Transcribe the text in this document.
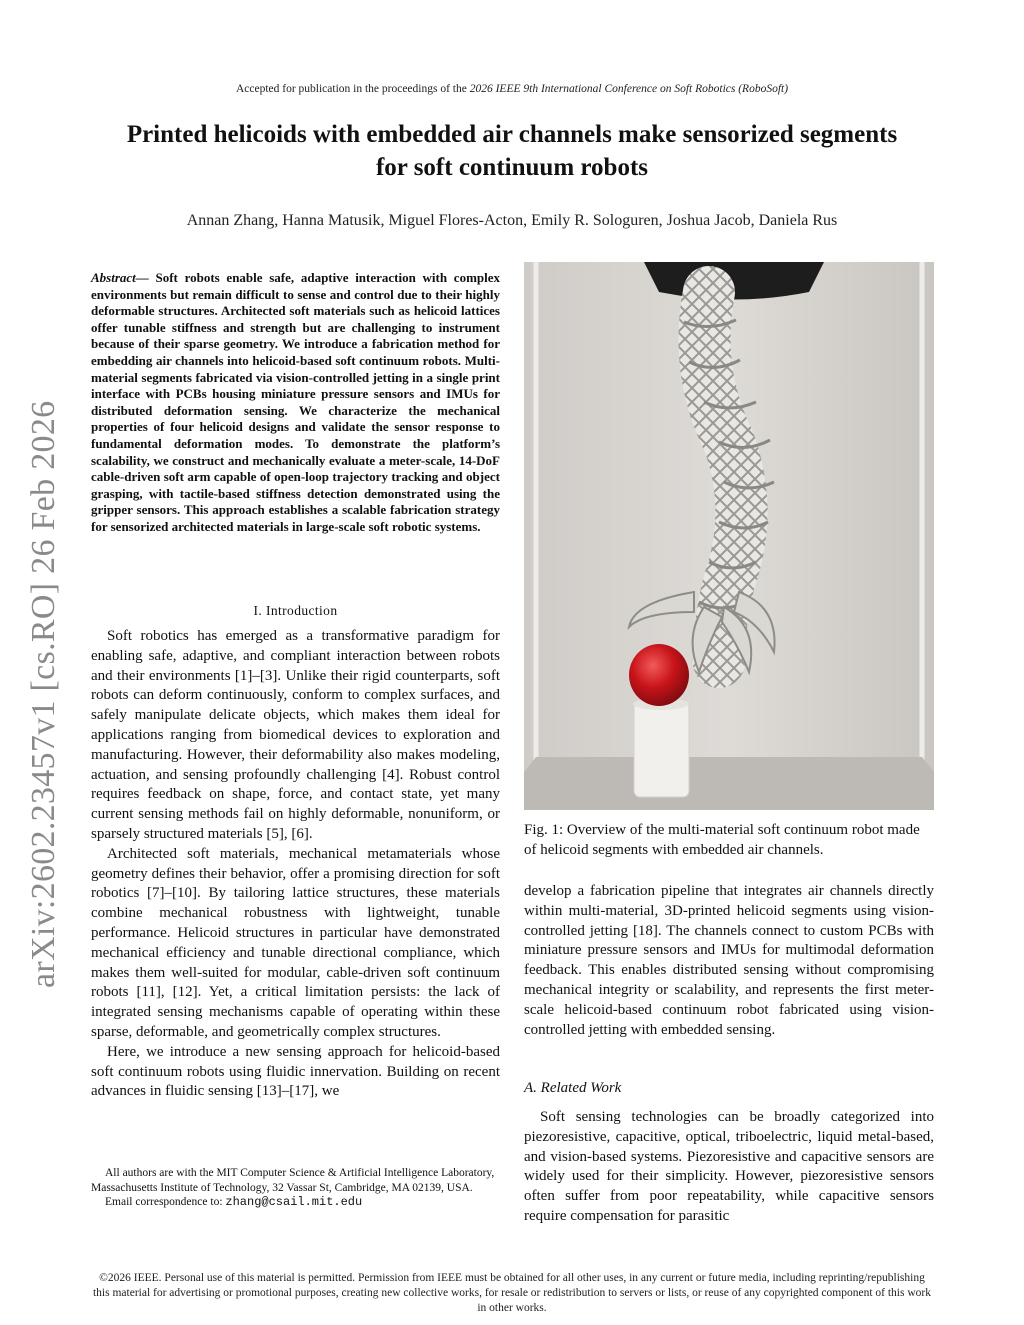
Accepted for publication in the proceedings of the 2026 IEEE 9th International Conference on Soft Robotics (RoboSoft)
Printed helicoids with embedded air channels make sensorized segments for soft continuum robots
Annan Zhang, Hanna Matusik, Miguel Flores-Acton, Emily R. Sologuren, Joshua Jacob, Daniela Rus
arXiv:2602.23457v1 [cs.RO] 26 Feb 2026
Abstract— Soft robots enable safe, adaptive interaction with complex environments but remain difficult to sense and control due to their highly deformable structures. Architected soft materials such as helicoid lattices offer tunable stiffness and strength but are challenging to instrument because of their sparse geometry. We introduce a fabrication method for embedding air channels into helicoid-based soft continuum robots. Multi-material segments fabricated via vision-controlled jetting in a single print interface with PCBs housing miniature pressure sensors and IMUs for distributed deformation sensing. We characterize the mechanical properties of four helicoid designs and validate the sensor response to fundamental deformation modes. To demonstrate the platform’s scalability, we construct and mechanically evaluate a meter-scale, 14-DoF cable-driven soft arm capable of open-loop trajectory tracking and object grasping, with tactile-based stiffness detection demonstrated using the gripper sensors. This approach establishes a scalable fabrication strategy for sensorized architected materials in large-scale soft robotic systems.
I. Introduction

Soft robotics has emerged as a transformative paradigm for enabling safe, adaptive, and compliant interaction between robots and their environments [1]–[3]. Unlike their rigid counterparts, soft robots can deform continuously, conform to complex surfaces, and safely manipulate delicate objects, which makes them ideal for applications ranging from biomedical devices to exploration and manufacturing. However, their deformability also makes modeling, actuation, and sensing profoundly challenging [4]. Robust control requires feedback on shape, force, and contact state, yet many current sensing methods fail on highly deformable, nonuniform, or sparsely structured materials [5], [6].

Architected soft materials, mechanical metamaterials whose geometry defines their behavior, offer a promising direction for soft robotics [7]–[10]. By tailoring lattice structures, these materials combine mechanical robustness with lightweight, tunable performance. Helicoid structures in particular have demonstrated mechanical efficiency and tunable directional compliance, which makes them well-suited for modular, cable-driven soft continuum robots [11], [12]. Yet, a critical limitation persists: the lack of integrated sensing mechanisms capable of operating within these sparse, deformable, and geometrically complex structures.

Here, we introduce a new sensing approach for helicoid-based soft continuum robots using fluidic innervation. Building on recent advances in fluidic sensing [13]–[17], we

All authors are with the MIT Computer Science & Artificial Intelligence Laboratory, Massachusetts Institute of Technology, 32 Vassar St, Cambridge, MA 02139, USA.

Email correspondence to: zhang@csail.mit.edu

Fig. 1: Overview of the multi-material soft continuum robot made of helicoid segments with embedded air channels.
develop a fabrication pipeline that integrates air channels directly within multi-material, 3D-printed helicoid segments using vision-controlled jetting [18]. The channels connect to custom PCBs with miniature pressure sensors and IMUs for multimodal deformation feedback. This enables distributed sensing without compromising mechanical integrity or scalability, and represents the first meter-scale helicoid-based continuum robot fabricated using vision-controlled jetting with embedded sensing.
A. Related Work

Soft sensing technologies can be broadly categorized into piezoresistive, capacitive, optical, triboelectric, liquid metal-based, and vision-based systems. Piezoresistive and capacitive sensors are widely used for their simplicity. However, piezoresistive sensors often suffer from poor repeatability, while capacitive sensors require compensation for parasitic

©2026 IEEE. Personal use of this material is permitted. Permission from IEEE must be obtained for all other uses, in any current or future media, including reprinting/republishing this material for advertising or promotional purposes, creating new collective works, for resale or redistribution to servers or lists, or reuse of any copyrighted component of this work in other works.
